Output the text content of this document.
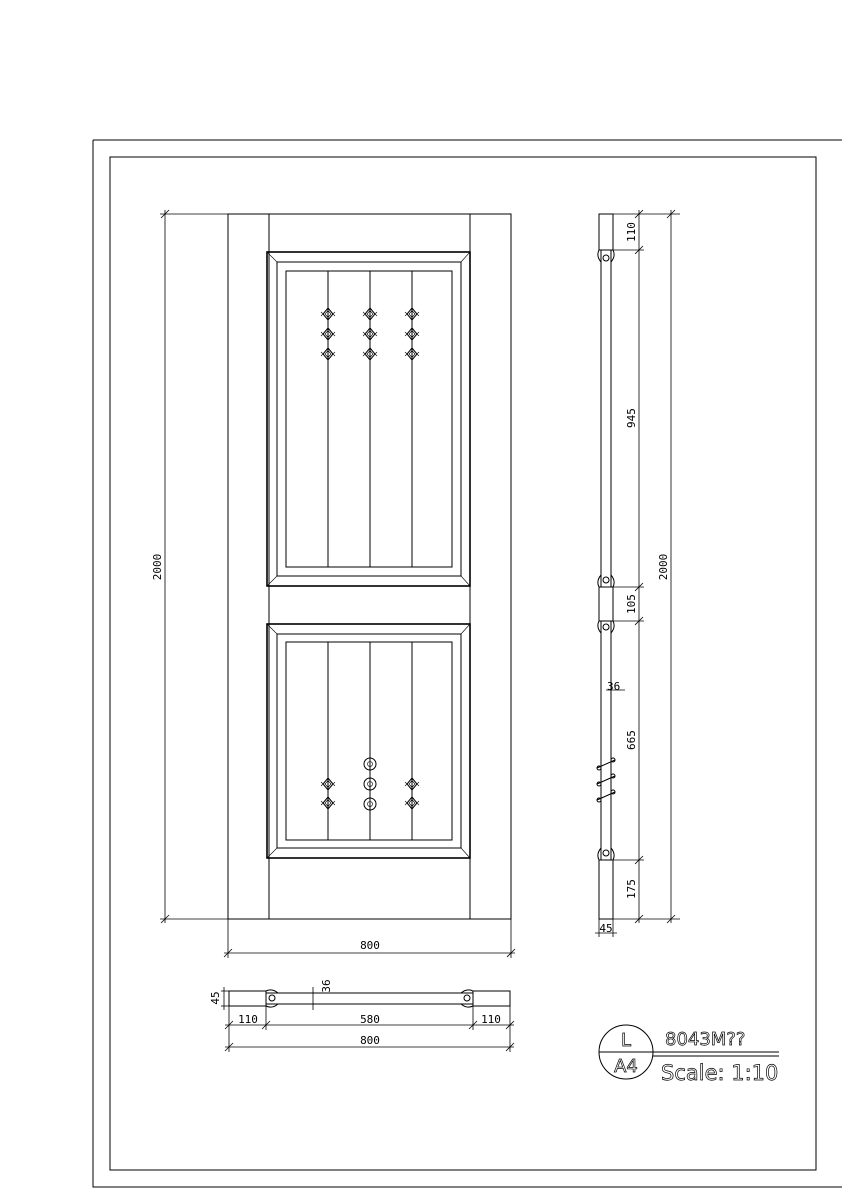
2000
800
110
945
105
665
175
2000
36
45
45
36
110	580	110
800	L
A4
8043M??
Scale: 1:10
